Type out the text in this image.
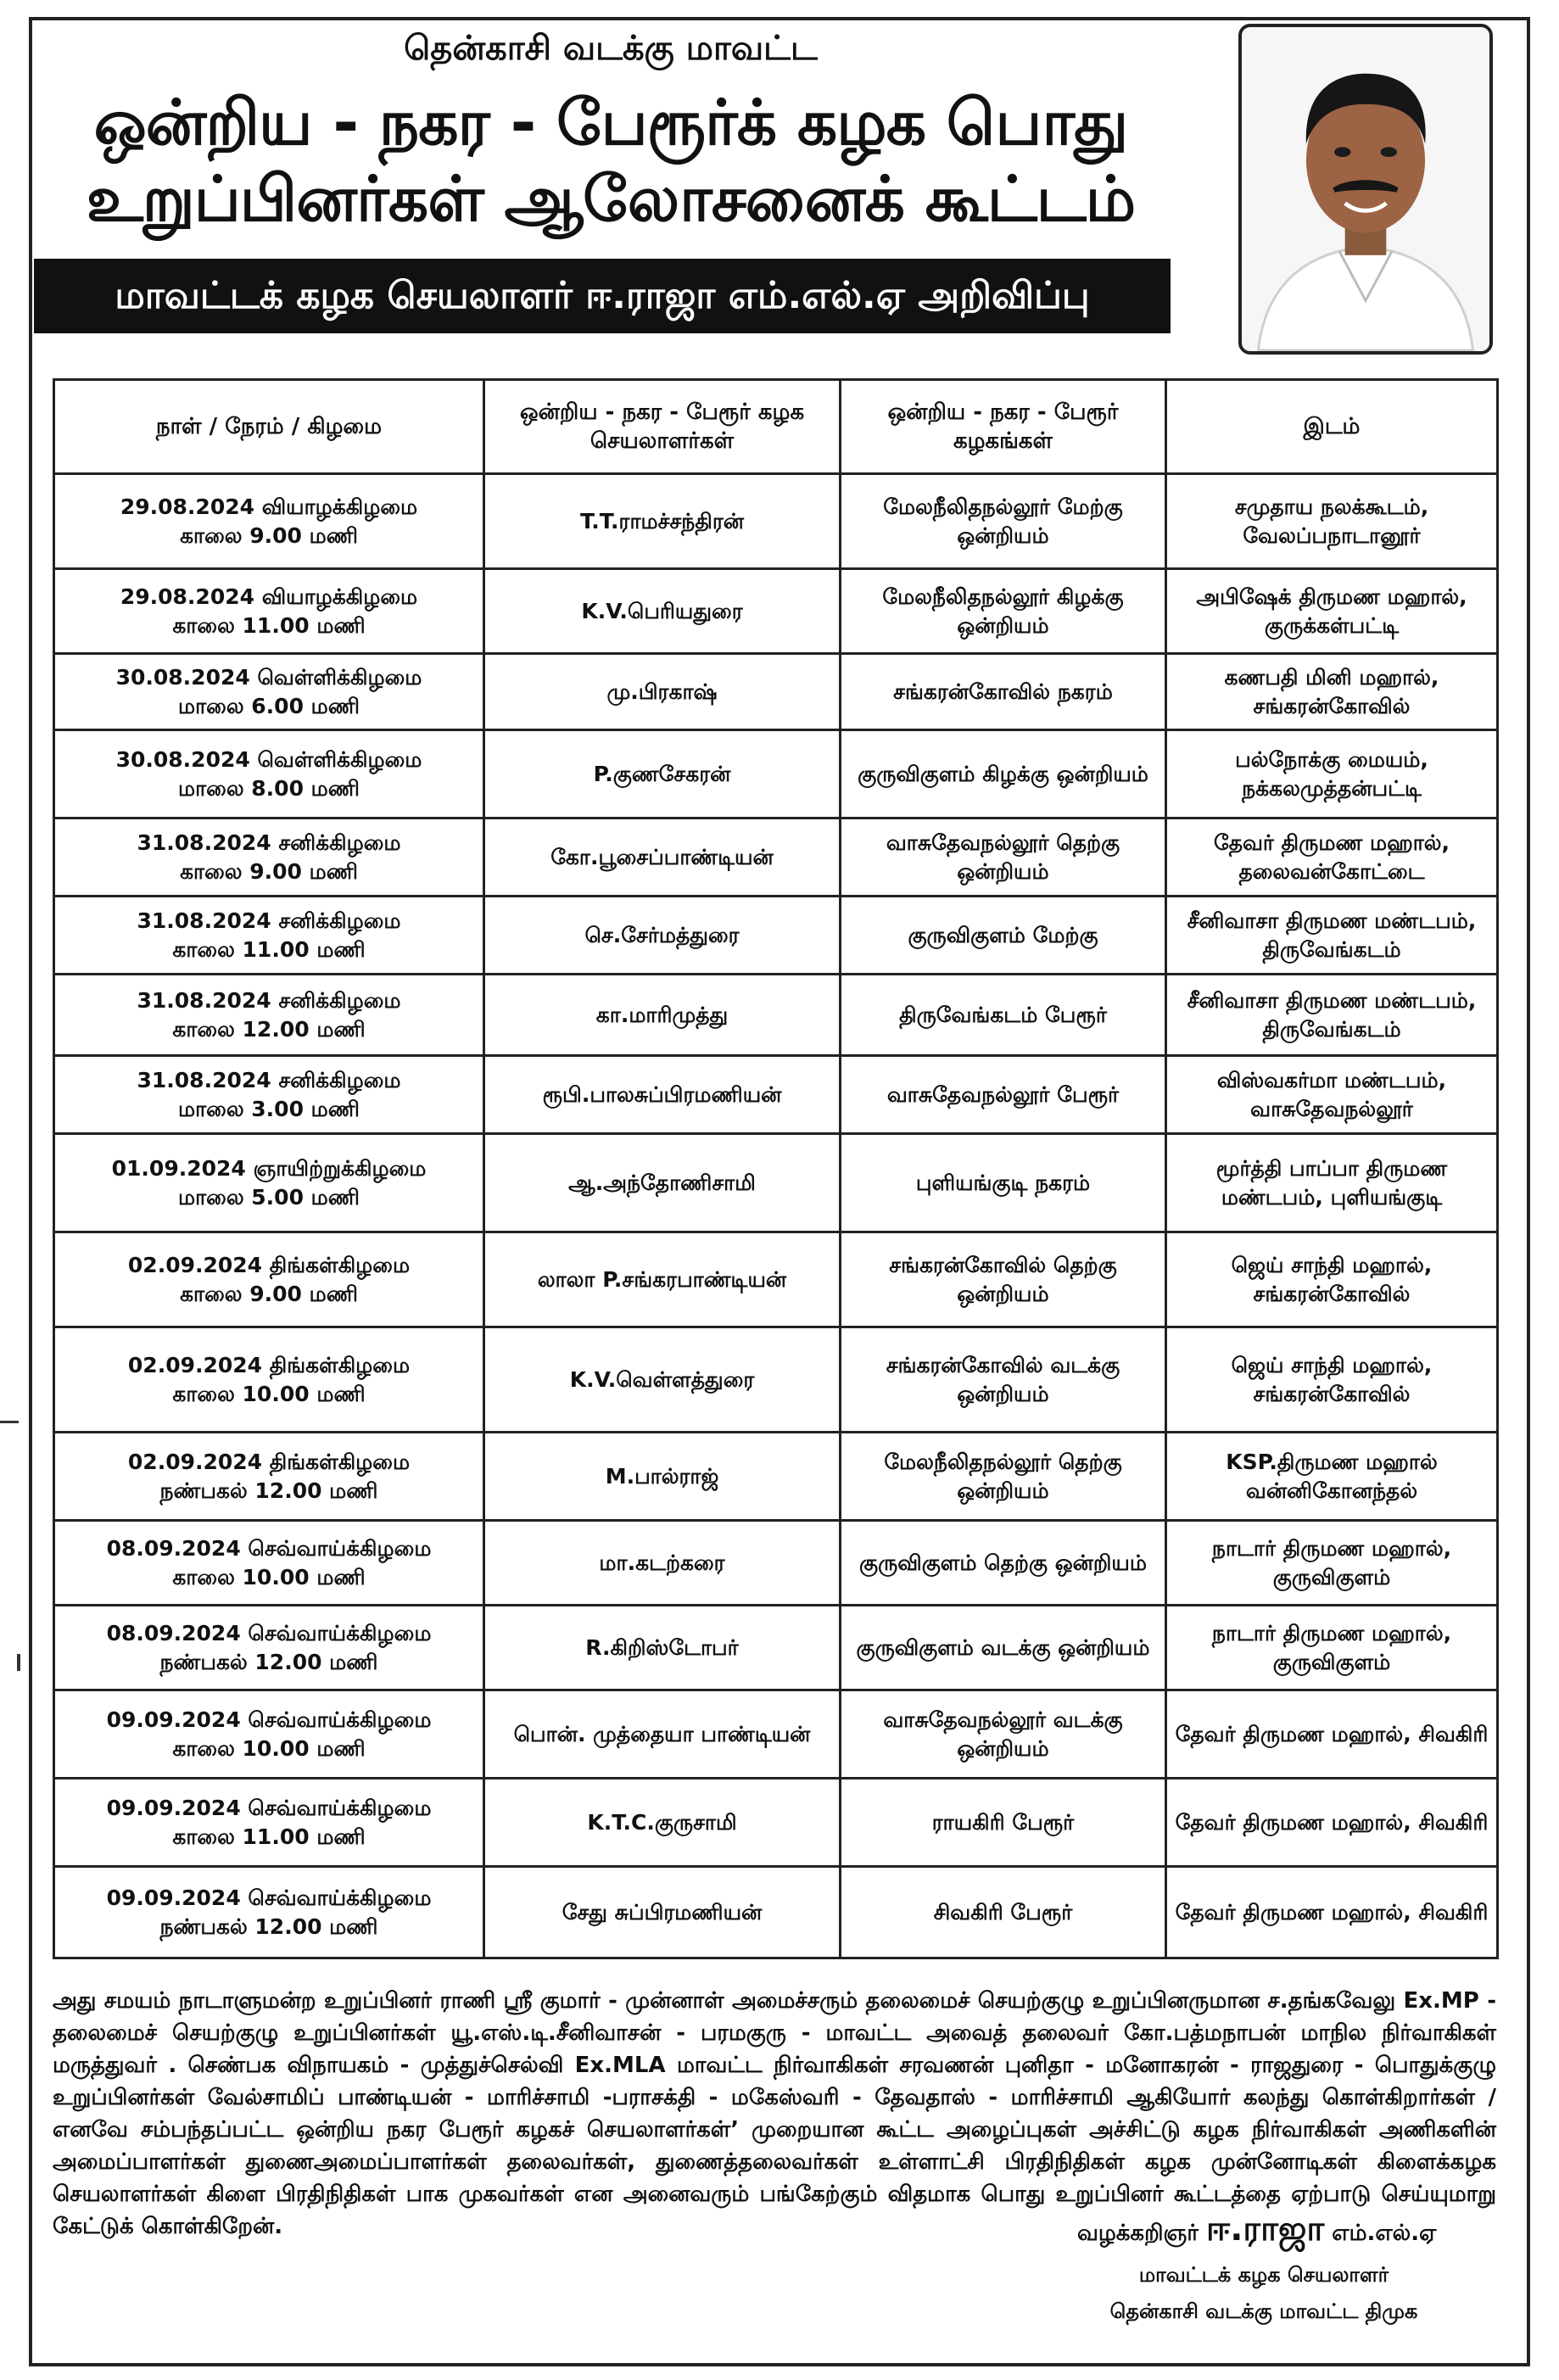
தென்காசி வடக்கு மாவட்ட
ஒன்றிய - நகர - பேரூர்க் கழக பொது
உறுப்பினர்கள் ஆலோசனைக் கூட்டம்
மாவட்டக் கழக செயலாளர் ஈ.ராஜா எம்.எல்.ஏ அறிவிப்பு
நாள் / நேரம் / கிழமை	ஒன்றிய - நகர - பேரூர் கழக செயலாளர்கள்	ஒன்றிய - நகர - பேரூர் கழகங்கள்	இடம்

29.08.2024 வியாழக்கிழமை
காலை 9.00 மணி	T.T.ராமச்சந்திரன்	மேலநீலிதநல்லூர் மேற்கு ஒன்றியம்	சமுதாய நலக்கூடம், வேலப்பநாடானூர்

29.08.2024 வியாழக்கிழமை
காலை 11.00 மணி	K.V.பெரியதுரை	மேலநீலிதநல்லூர் கிழக்கு ஒன்றியம்	அபிஷேக் திருமண மஹால், குருக்கள்பட்டி

30.08.2024 வெள்ளிக்கிழமை
மாலை 6.00 மணி	மு.பிரகாஷ்	சங்கரன்கோவில் நகரம்	கணபதி மினி மஹால், சங்கரன்கோவில்

30.08.2024 வெள்ளிக்கிழமை
மாலை 8.00 மணி	P.குணசேகரன்	குருவிகுளம் கிழக்கு ஒன்றியம்	பல்நோக்கு மையம், நக்கலமுத்தன்பட்டி

31.08.2024 சனிக்கிழமை
காலை 9.00 மணி	கோ.பூசைப்பாண்டியன்	வாசுதேவநல்லூர் தெற்கு ஒன்றியம்	தேவர் திருமண மஹால், தலைவன்கோட்டை

31.08.2024 சனிக்கிழமை
காலை 11.00 மணி	செ.சேர்மத்துரை	குருவிகுளம் மேற்கு	சீனிவாசா திருமண மண்டபம், திருவேங்கடம்

31.08.2024 சனிக்கிழமை
காலை 12.00 மணி	கா.மாரிமுத்து	திருவேங்கடம் பேரூர்	சீனிவாசா திருமண மண்டபம், திருவேங்கடம்

31.08.2024 சனிக்கிழமை
மாலை 3.00 மணி	ரூபி.பாலசுப்பிரமணியன்	வாசுதேவநல்லூர் பேரூர்	விஸ்வகர்மா மண்டபம், வாசுதேவநல்லூர்

01.09.2024 ஞாயிற்றுக்கிழமை
மாலை 5.00 மணி	ஆ.அந்தோணிசாமி	புளியங்குடி நகரம்	மூர்த்தி பாப்பா திருமண மண்டபம், புளியங்குடி

02.09.2024 திங்கள்கிழமை
காலை 9.00 மணி	லாலா P.சங்கரபாண்டியன்	சங்கரன்கோவில் தெற்கு ஒன்றியம்	ஜெய் சாந்தி மஹால், சங்கரன்கோவில்

02.09.2024 திங்கள்கிழமை
காலை 10.00 மணி	K.V.வெள்ளத்துரை	சங்கரன்கோவில் வடக்கு ஒன்றியம்	ஜெய் சாந்தி மஹால், சங்கரன்கோவில்

02.09.2024 திங்கள்கிழமை
நண்பகல் 12.00 மணி	M.பால்ராஜ்	மேலநீலிதநல்லூர் தெற்கு ஒன்றியம்	KSP.திருமண மஹால் வன்னிகோனந்தல்

08.09.2024 செவ்வாய்க்கிழமை
காலை 10.00 மணி	மா.கடற்கரை	குருவிகுளம் தெற்கு ஒன்றியம்	நாடார் திருமண மஹால், குருவிகுளம்

08.09.2024 செவ்வாய்க்கிழமை
நண்பகல் 12.00 மணி	R.கிறிஸ்டோபர்	குருவிகுளம் வடக்கு ஒன்றியம்	நாடார் திருமண மஹால், குருவிகுளம்

09.09.2024 செவ்வாய்க்கிழமை
காலை 10.00 மணி	பொன். முத்தையா பாண்டியன்	வாசுதேவநல்லூர் வடக்கு ஒன்றியம்	தேவர் திருமண மஹால், சிவகிரி

09.09.2024 செவ்வாய்க்கிழமை
காலை 11.00 மணி	K.T.C.குருசாமி	ராயகிரி பேரூர்	தேவர் திருமண மஹால், சிவகிரி

09.09.2024 செவ்வாய்க்கிழமை
நண்பகல் 12.00 மணி	சேது சுப்பிரமணியன்	சிவகிரி பேரூர்	தேவர் திருமண மஹால், சிவகிரி
அது சமயம் நாடாளுமன்ற உறுப்பினர் ராணி ஸ்ரீ குமார் - முன்னாள் அமைச்சரும் தலைமைச் செயற்குழு உறுப்பினருமான ச.தங்கவேலு Ex.MP - தலைமைச் செயற்குழு உறுப்பினர்கள் யூ.எஸ்.டி.சீனிவாசன் - பரமகுரு - மாவட்ட அவைத் தலைவர் கோ.பத்மநாபன் மாநில நிர்வாகிகள் மருத்துவர் . செண்பக விநாயகம் - முத்துச்செல்வி Ex.MLA மாவட்ட நிர்வாகிகள் சரவணன் புனிதா - மனோகரன் - ராஜதுரை - பொதுக்குழு உறுப்பினர்கள் வேல்சாமிப் பாண்டியன் - மாரிச்சாமி -பராசக்தி - மகேஸ்வரி - தேவதாஸ் - மாரிச்சாமி ஆகியோர் கலந்து கொள்கிறார்கள் / எனவே சம்பந்தப்பட்ட ஒன்றிய நகர பேரூர் கழகச் செயலாளர்கள்’ முறையான கூட்ட அழைப்புகள் அச்சிட்டு கழக நிர்வாகிகள் அணிகளின் அமைப்பாளர்கள் துணைஅமைப்பாளர்கள் தலைவர்கள், துணைத்தலைவர்கள் உள்ளாட்சி பிரதிநிதிகள் கழக முன்னோடிகள் கிளைக்கழக செயலாளர்கள் கிளை பிரதிநிதிகள் பாக முகவர்கள் என அனைவரும் பங்கேற்கும் விதமாக பொது உறுப்பினர் கூட்டத்தை ஏற்பாடு செய்யுமாறு கேட்டுக் கொள்கிறேன்.	வழக்கறிஞர் ஈ.ராஜா எம்.எல்.ஏ
மாவட்டக் கழக செயலாளர்
தென்காசி வடக்கு மாவட்ட திமுக
